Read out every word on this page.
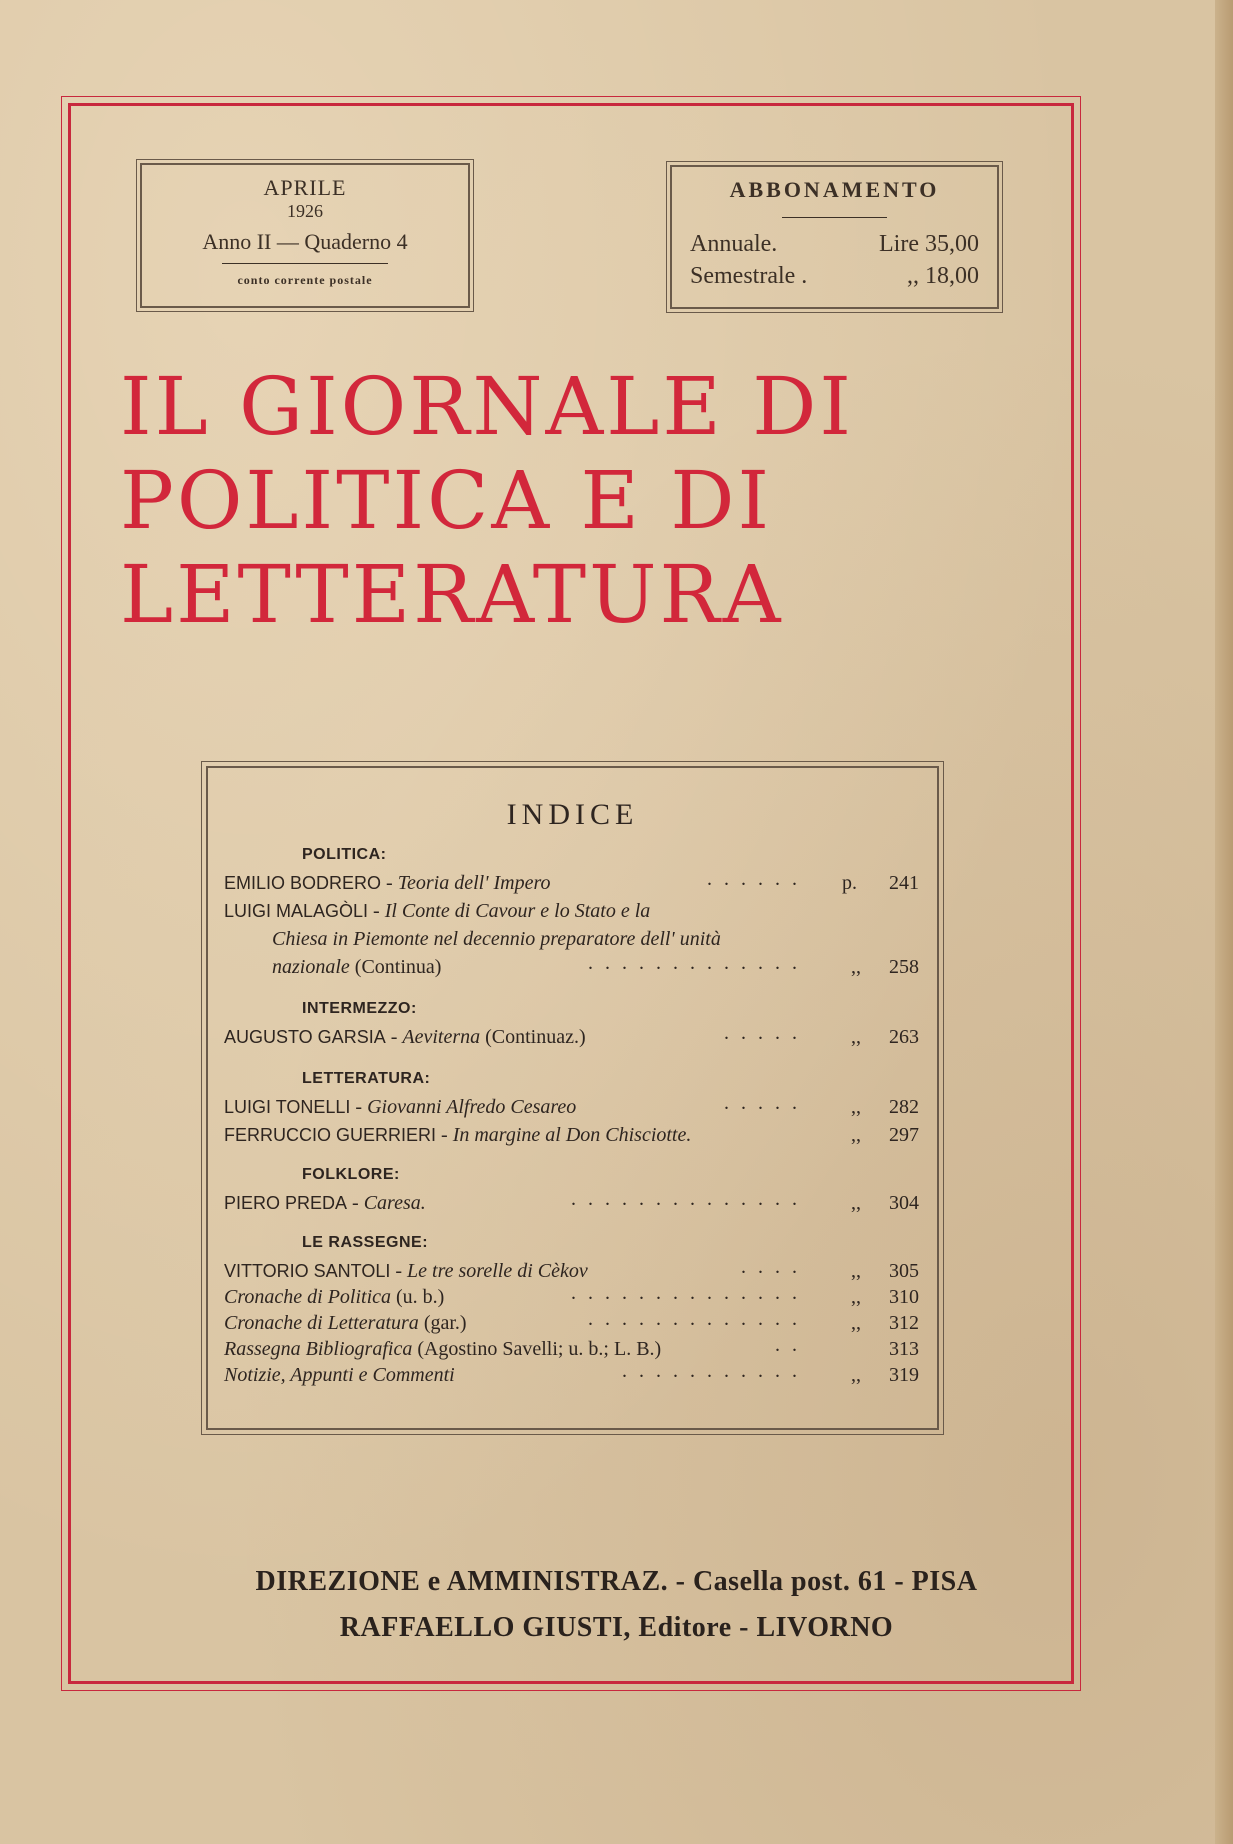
APRILE
1926
Anno II — Quaderno 4
conto corrente postale
ABBONAMENTO
Annuale.	Lire 35,00
Semestrale .	,, 18,00
IL GIORNALE DI
POLITICA E DI
LETTERATURA
INDICE
POLITICA:
EMILIO BODRERO - Teoria dell' Impero	...... p. 241
LUIGI MALAGÒLI - Il Conte di Cavour e lo Stato e la
Chiesa in Piemonte nel decennio preparatore dell' unità
nazionale (Continua)	............. ,, 258
INTERMEZZO:
AUGUSTO GARSIA - Aeviterna (Continuaz.)	..... ,, 263
LETTERATURA:
LUIGI TONELLI - Giovanni Alfredo Cesareo	..... ,, 282
FERRUCCIO GUERRIERI - In margine al Don Chisciotte.	,, 297
FOLKLORE:
PIERO PREDA - Caresa.	.............. ,, 304
LE RASSEGNE:
VITTORIO SANTOLI - Le tre sorelle di Cèkov	.... ,, 305
Cronache di Politica (u. b.)	.............. ,, 310
Cronache di Letteratura (gar.)	............. ,, 312
Rassegna Bibliografica (Agostino Savelli; u. b.; L. B.)	..	313
Notizie, Appunti e Commenti	........... ,, 319
DIREZIONE e AMMINISTRAZ. - Casella post. 61 - PISA
RAFFAELLO GIUSTI, Editore - LIVORNO
